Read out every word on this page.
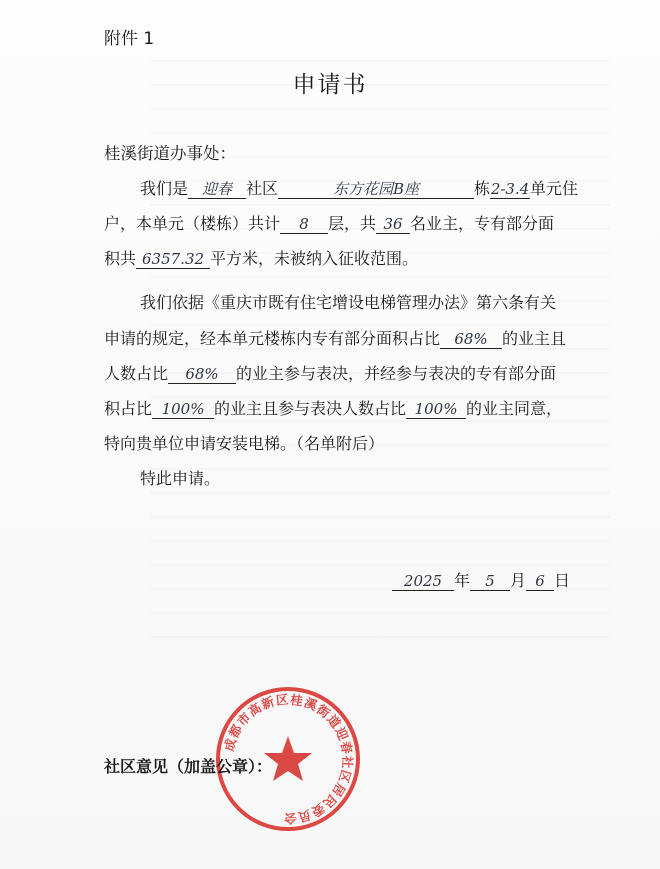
附件 1
申请书
桂溪街道办事处：
我们是 迎春 社区	东方花园B座	栋2-3.4单元住
户，本单元（楼栋）共计 8 层，共 36 名业主，专有部分面
积共 6357.32 平方米，未被纳入征收范围。
我们依据《重庆市既有住宅增设电梯管理办法》第六条有关
申请的规定，经本单元楼栋内专有部分面积占比 68% 的业主且
人数占比 68% 的业主参与表决，并经参与表决的专有部分面
积占比 100% 的业主且参与表决人数占比 100% 的业主同意，
特向贵单位申请安装电梯。（名单附后）
特此申请。
2025 年 5 月 6 日
成都市高新区桂溪街道迎春社区居民委员会
社区意见（加盖公章）：
